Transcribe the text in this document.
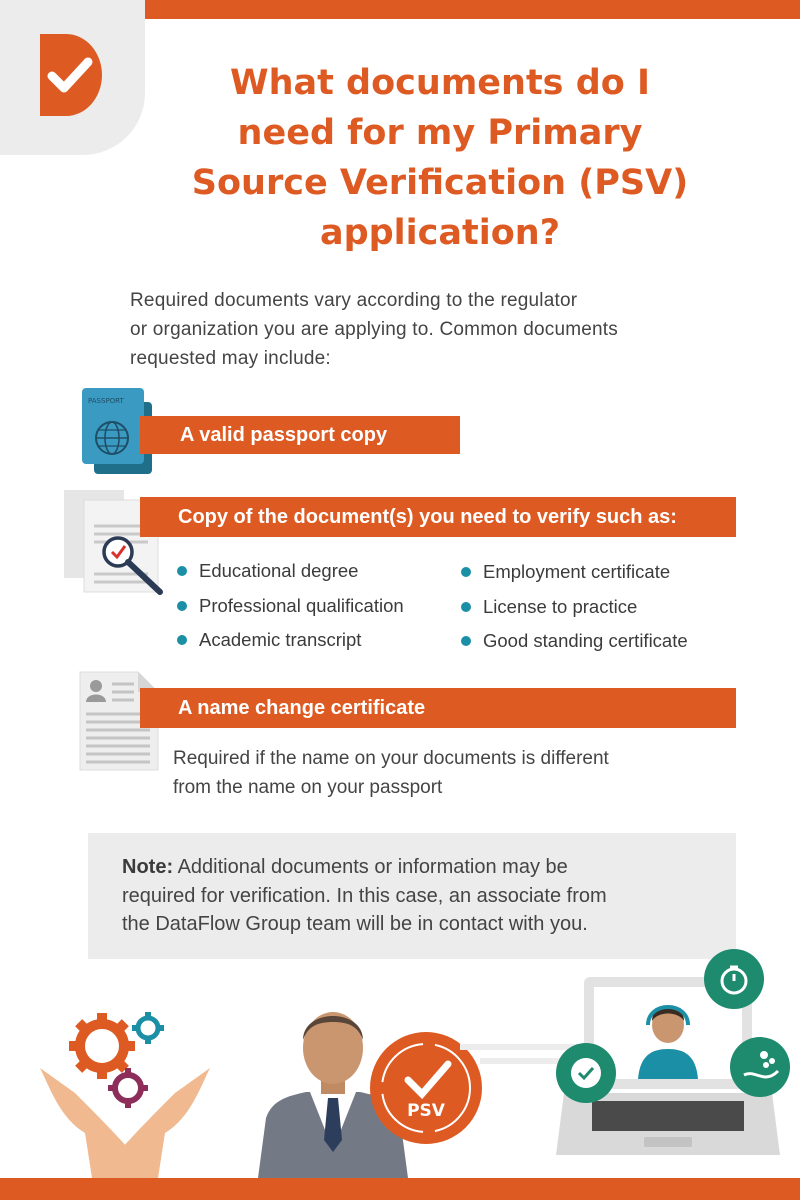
What documents do I
need for my Primary
Source Verification (PSV)
application?

Required documents vary according to the regulator
or organization you are applying to. Common documents
requested may include:

PASSPORT
A valid passport copy
Copy of the document(s) you need to verify such as:
Educational degree
Professional qualification
Academic transcript
Employment certificate
License to practice
Good standing certificate
A name change certificate

Required if the name on your documents is different
from the name on your passport

Note: Additional documents or information may be
required for verification. In this case, an associate from
the DataFlow Group team will be in contact with you.

PSV
